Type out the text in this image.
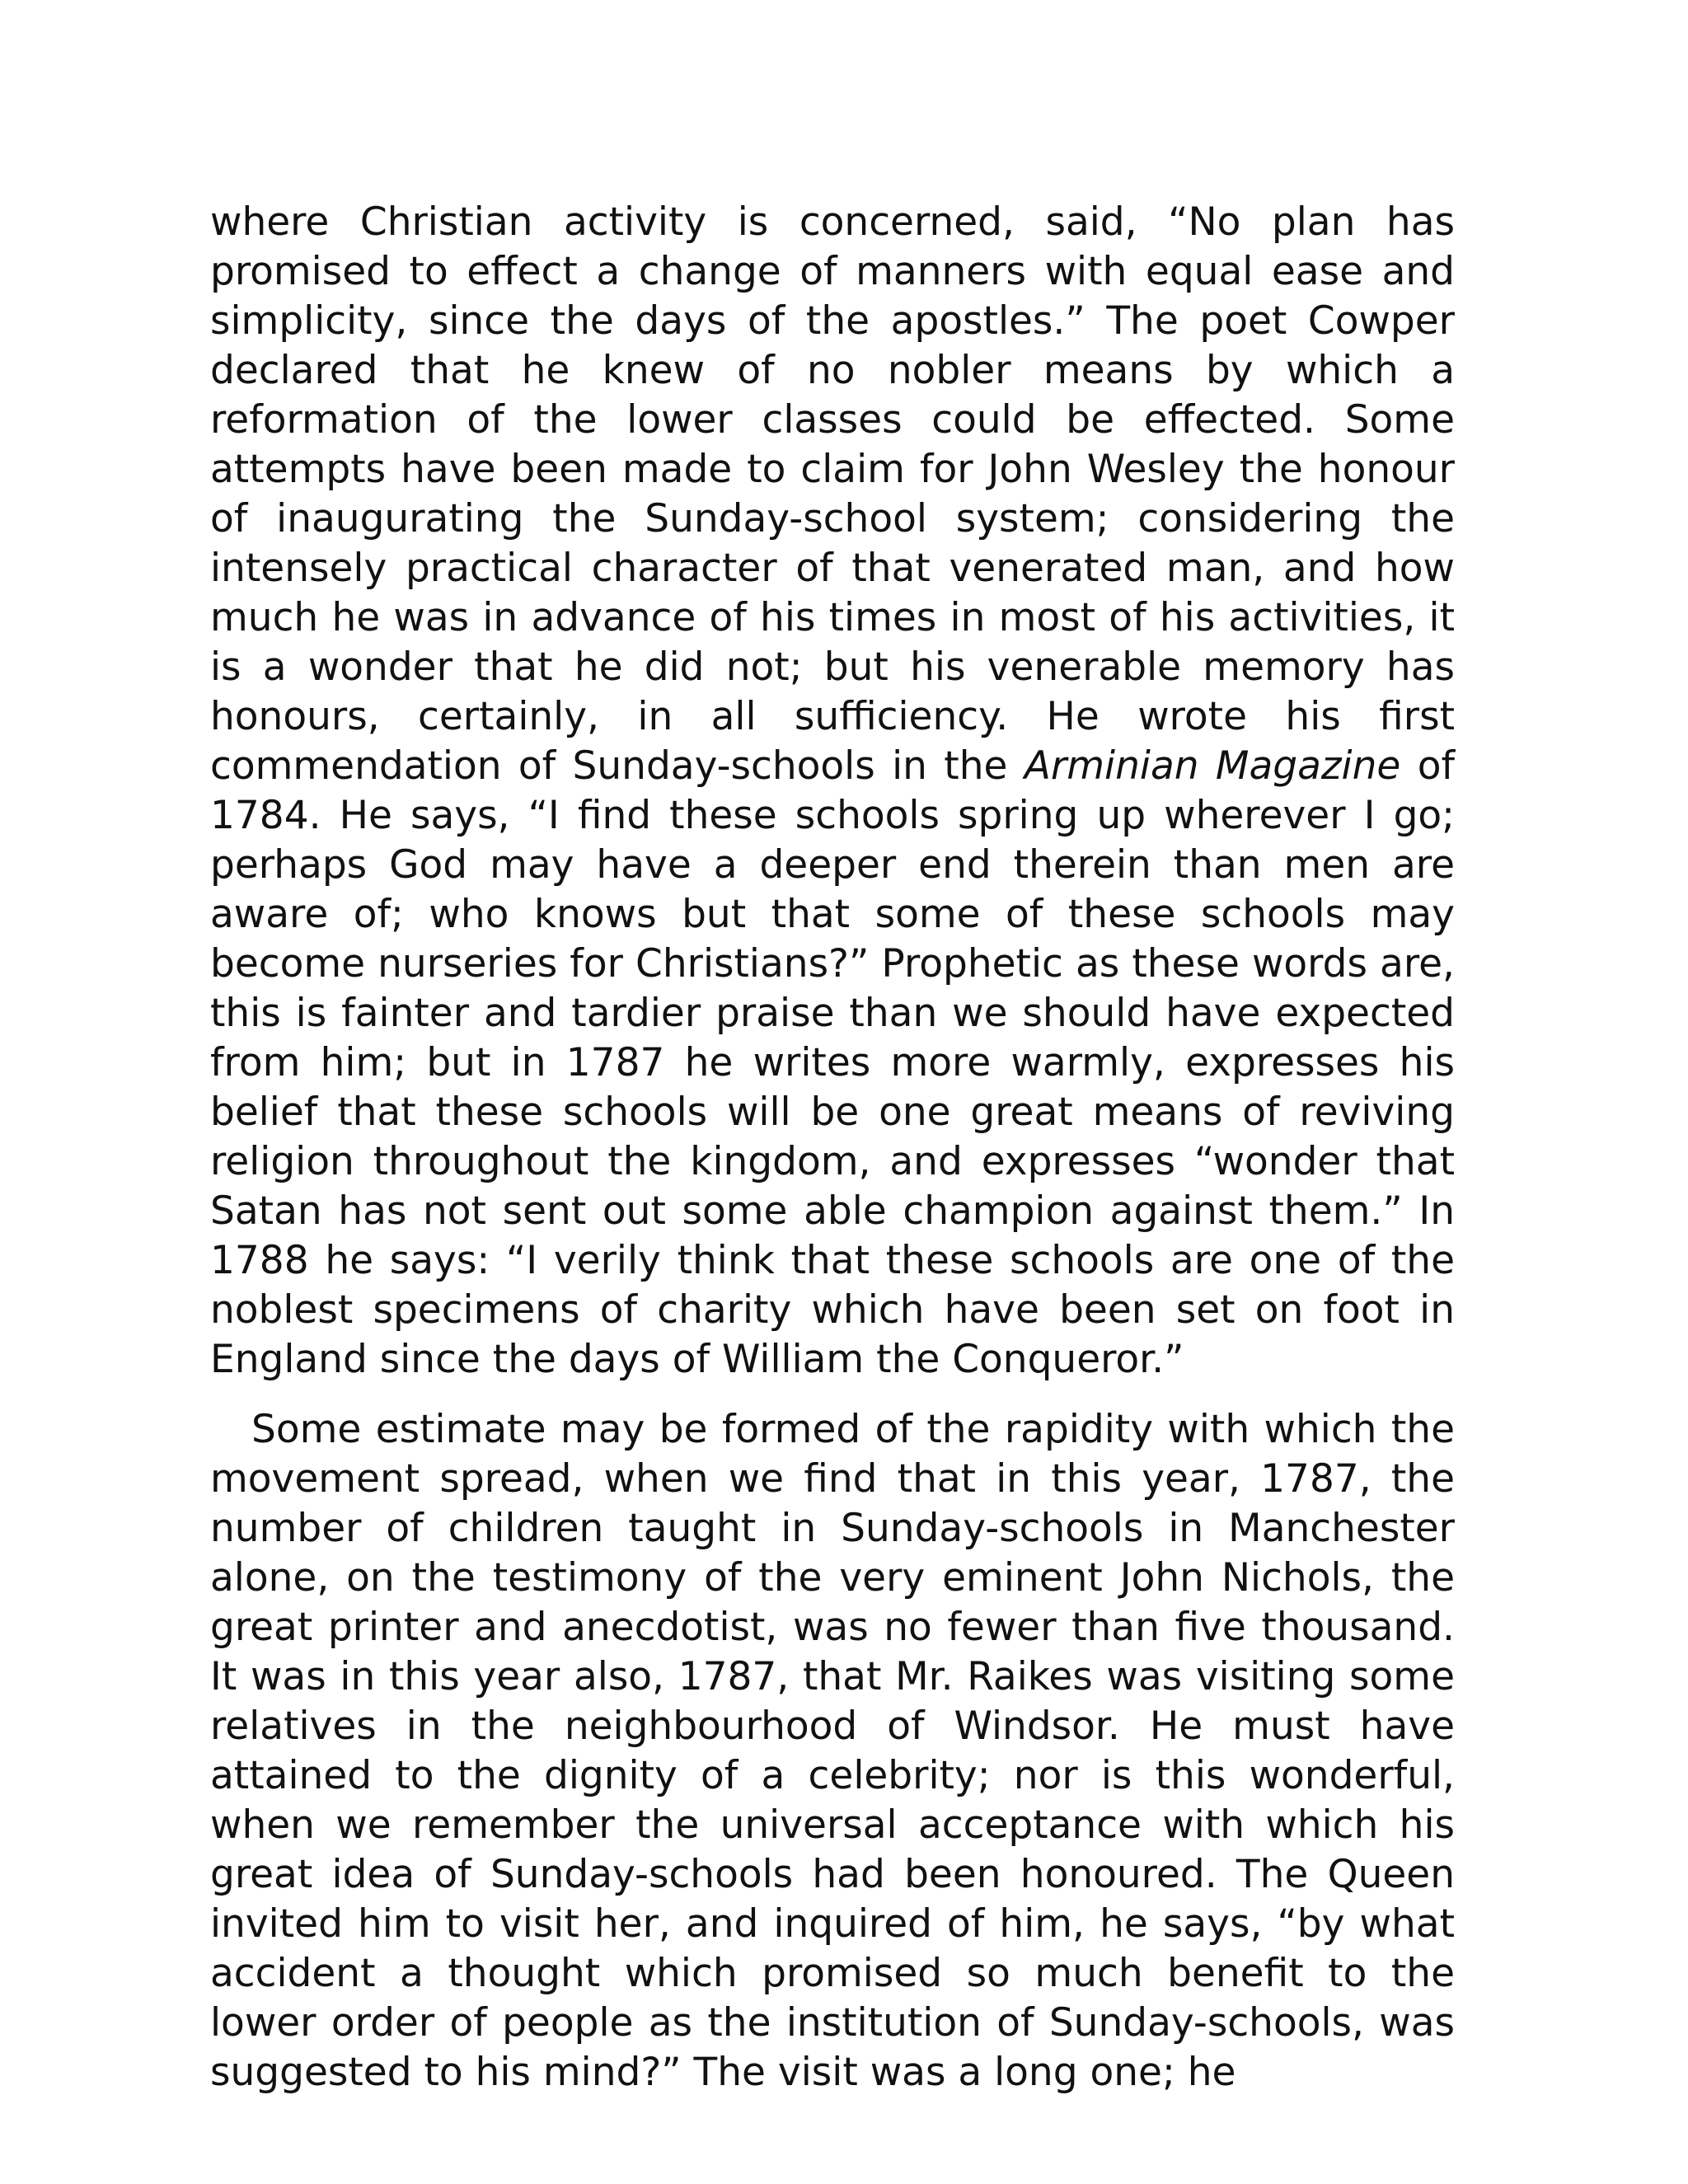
where Christian activity is concerned, said, “No plan has promised to effect a change of manners with equal ease and simplicity, since the days of the apostles.” The poet Cowper declared that he knew of no nobler means by which a reformation of the lower classes could be effected. Some attempts have been made to claim for John Wesley the honour of inaugurating the Sunday-school system; considering the intensely practical character of that venerated man, and how much he was in advance of his times in most of his activities, it is a wonder that he did not; but his venerable memory has honours, certainly, in all sufficiency. He wrote his first commendation of Sunday-schools in the Arminian Magazine of 1784. He says, “I find these schools spring up wherever I go; perhaps God may have a deeper end therein than men are aware of; who knows but that some of these schools may become nurseries for Christians?” Prophetic as these words are, this is fainter and tardier praise than we should have expected from him; but in 1787 he writes more warmly, expresses his belief that these schools will be one great means of reviving religion throughout the kingdom, and expresses “wonder that Satan has not sent out some able champion against them.” In 1788 he says: “I verily think that these schools are one of the noblest specimens of charity which have been set on foot in England since the days of William the Conqueror.”

Some estimate may be formed of the rapidity with which the movement spread, when we find that in this year, 1787, the number of children taught in Sunday-schools in Manchester alone, on the testimony of the very eminent John Nichols, the great printer and anecdotist, was no fewer than five thousand. It was in this year also, 1787, that Mr. Raikes was visiting some relatives in the neighbourhood of Windsor. He must have attained to the dignity of a celebrity; nor is this wonderful, when we remember the universal acceptance with which his great idea of Sunday-schools had been honoured. The Queen invited him to visit her, and inquired of him, he says, “by what accident a thought which promised so much benefit to the lower order of people as the institution of Sunday-schools, was suggested to his mind?” The visit was a long one; he
